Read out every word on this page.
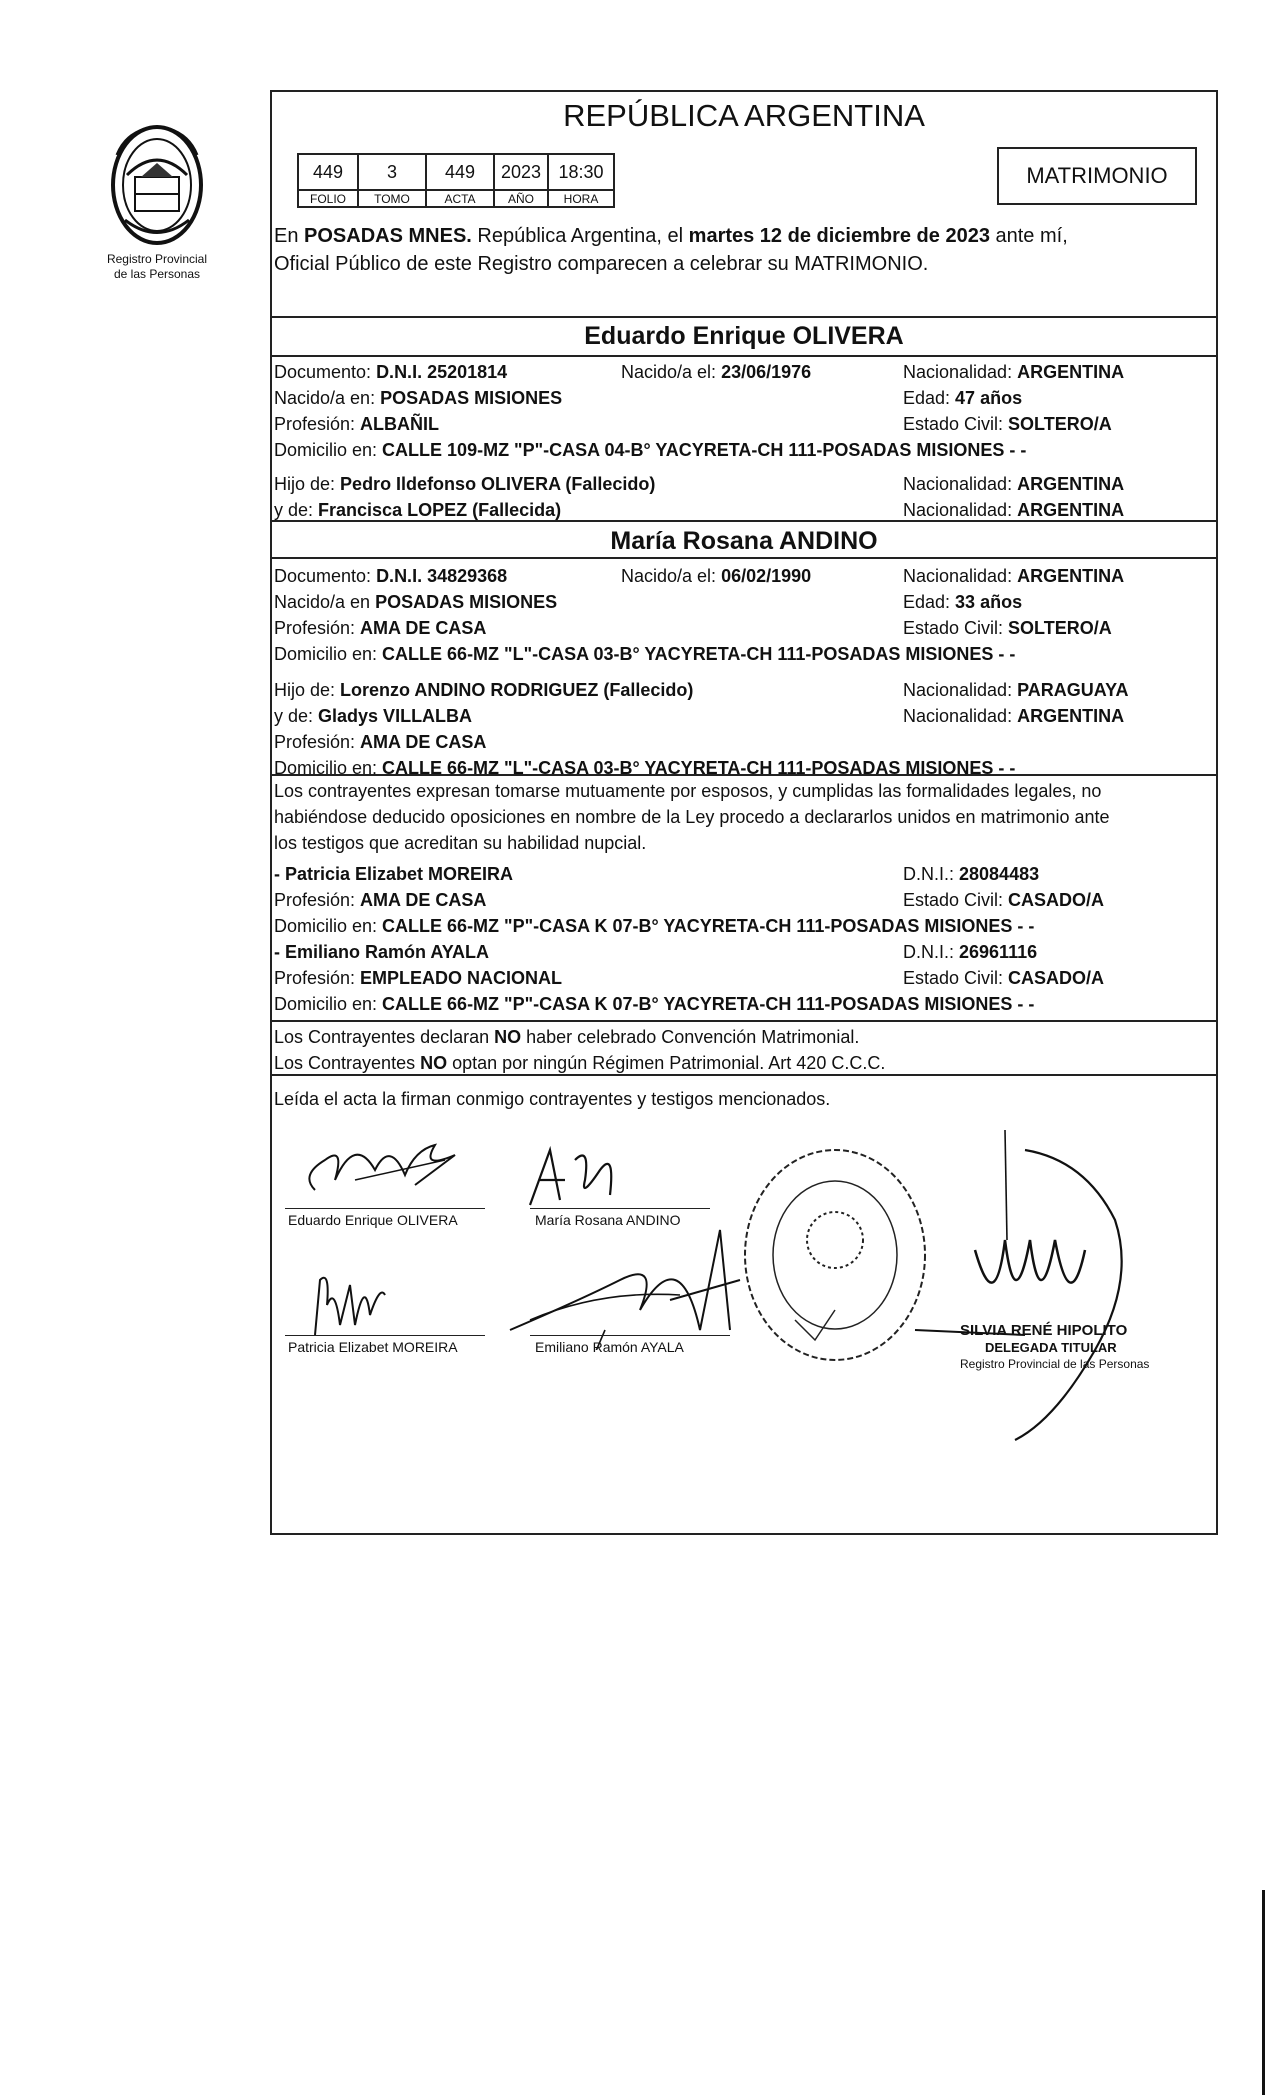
Registro Provincial
de las Personas
REPÚBLICA ARGENTINA
449	3	449	2023	18:30
FOLIO	TOMO	ACTA	AÑO	HORA
MATRIMONIO
En POSADAS MNES. República Argentina, el martes 12 de diciembre de 2023 ante mí,
Oficial Público de este Registro comparecen a celebrar su MATRIMONIO.
Eduardo Enrique OLIVERA
Documento: D.N.I. 25201814	Nacido/a el: 23/06/1976	Nacionalidad: ARGENTINA
Nacido/a en: POSADAS MISIONES	Edad: 47 años
Profesión: ALBAÑIL	Estado Civil: SOLTERO/A
Domicilio en: CALLE 109-MZ "P"-CASA 04-B° YACYRETA-CH 111-POSADAS MISIONES - -
Hijo de: Pedro Ildefonso OLIVERA (Fallecido)	Nacionalidad: ARGENTINA
y de: Francisca LOPEZ (Fallecida)	Nacionalidad: ARGENTINA
María Rosana ANDINO
Documento: D.N.I. 34829368	Nacido/a el: 06/02/1990	Nacionalidad: ARGENTINA
Nacido/a en POSADAS MISIONES	Edad: 33 años
Profesión: AMA DE CASA	Estado Civil: SOLTERO/A
Domicilio en: CALLE 66-MZ "L"-CASA 03-B° YACYRETA-CH 111-POSADAS MISIONES - -
Hijo de: Lorenzo ANDINO RODRIGUEZ (Fallecido)	Nacionalidad: PARAGUAYA
y de: Gladys VILLALBA	Nacionalidad: ARGENTINA
Profesión: AMA DE CASA
Domicilio en: CALLE 66-MZ "L"-CASA 03-B° YACYRETA-CH 111-POSADAS MISIONES - -
Los contrayentes expresan tomarse mutuamente por esposos, y cumplidas las formalidades legales, no
habiéndose deducido oposiciones en nombre de la Ley procedo a declararlos unidos en matrimonio ante
los testigos que acreditan su habilidad nupcial.
- Patricia Elizabet MOREIRA	D.N.I.: 28084483
Profesión: AMA DE CASA	Estado Civil: CASADO/A
Domicilio en: CALLE 66-MZ "P"-CASA K 07-B° YACYRETA-CH 111-POSADAS MISIONES - -
- Emiliano Ramón AYALA	D.N.I.: 26961116
Profesión: EMPLEADO NACIONAL	Estado Civil: CASADO/A
Domicilio en: CALLE 66-MZ "P"-CASA K 07-B° YACYRETA-CH 111-POSADAS MISIONES - -
Los Contrayentes declaran NO haber celebrado Convención Matrimonial.
Los Contrayentes NO optan por ningún Régimen Patrimonial. Art 420 C.C.C.
Leída el acta la firman conmigo contrayentes y testigos mencionados.
Eduardo Enrique OLIVERA	María Rosana ANDINO
Patricia Elizabet MOREIRA	Emiliano Ramón AYALA
SILVIA RENÉ HIPOLITO
DELEGADA TITULAR
Registro Provincial de las Personas
